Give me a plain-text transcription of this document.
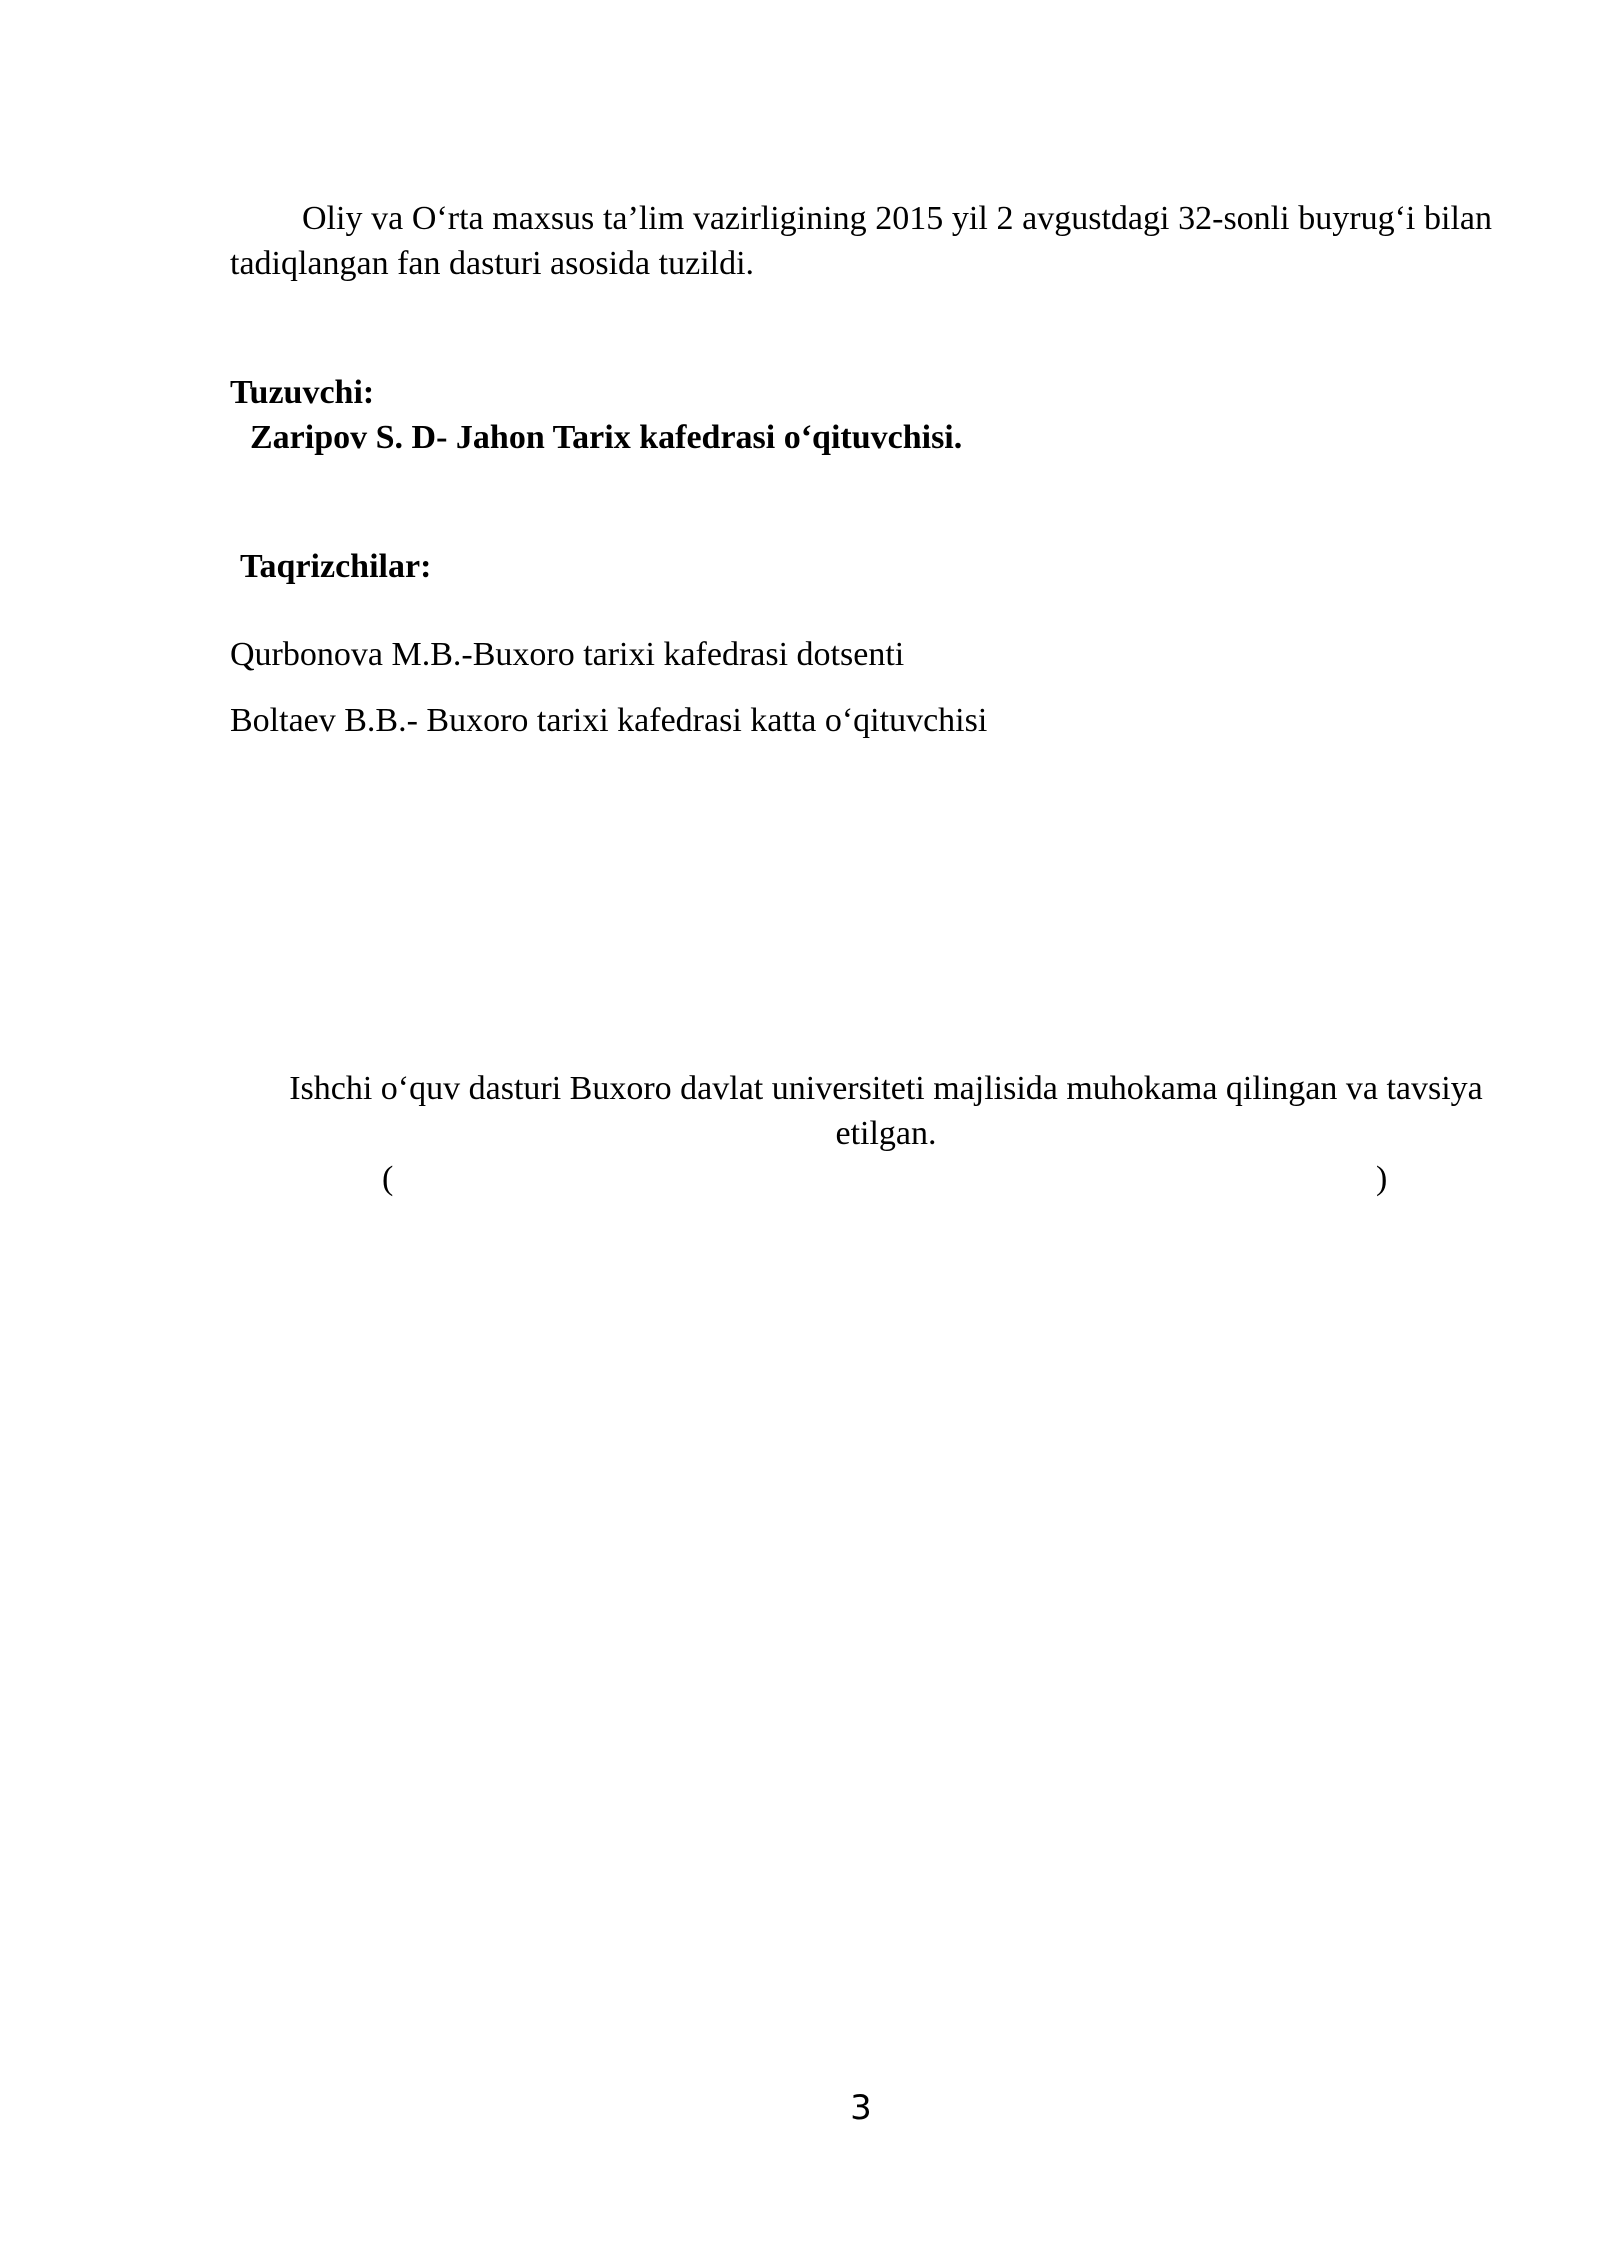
Oliy va O‘rta maxsus ta’lim vazirligining 2015 yil 2 avgustdagi 32-sonli buyrug‘i bilan tadiqlangan fan dasturi asosida tuzildi.
Tuzuvchi:
Zaripov S. D- Jahon Tarix kafedrasi o‘qituvchisi.
Taqrizchilar:
Qurbonova M.B.-Buxoro tarixi kafedrasi dotsenti
Boltaev B.B.- Buxoro tarixi kafedrasi katta o‘qituvchisi
Ishchi o‘quv dasturi Buxoro davlat universiteti majlisida muhokama qilingan va tavsiya etilgan.
(	)
3
